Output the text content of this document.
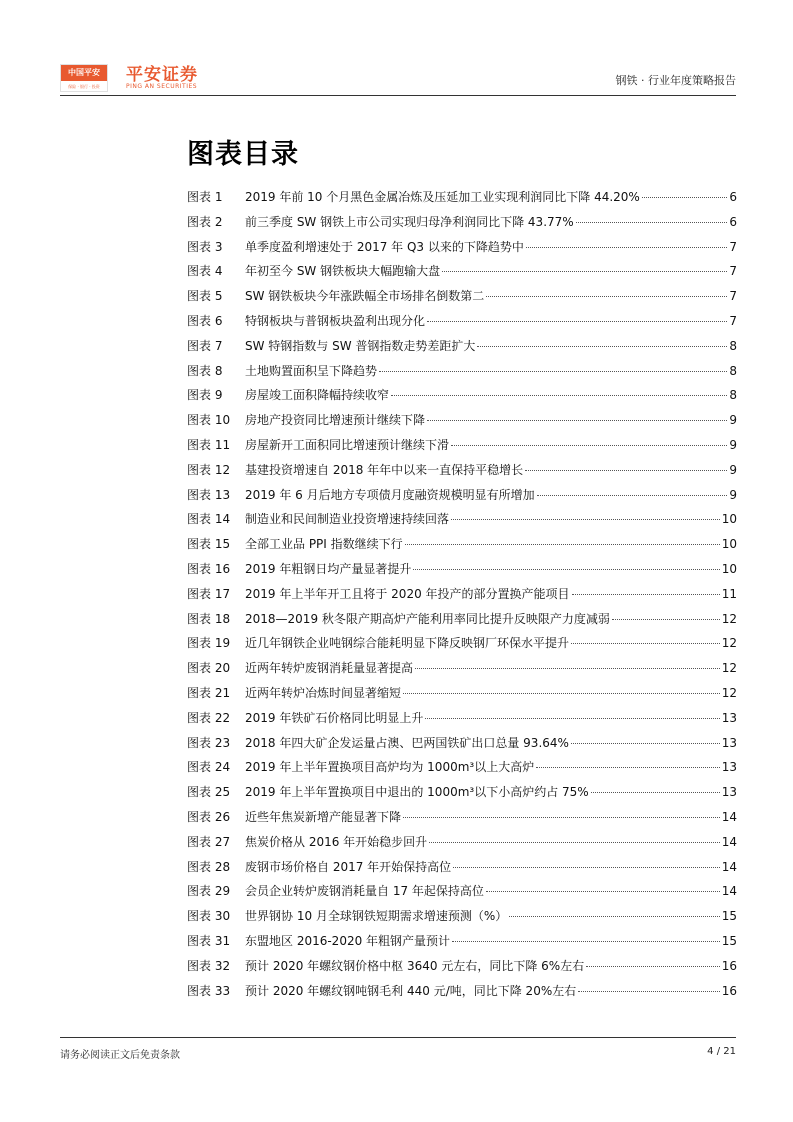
中国平安
保险 · 银行 · 投资
平安证券
PING AN SECURITIES	钢铁 · 行业年度策略报告
图表目录
图表 1	2019 年前 10 个月黑色金属冶炼及压延加工业实现利润同比下降 44.20%	6
图表 2	前三季度 SW 钢铁上市公司实现归母净利润同比下降 43.77%	6
图表 3	单季度盈利增速处于 2017 年 Q3 以来的下降趋势中	7
图表 4	年初至今 SW 钢铁板块大幅跑输大盘	7
图表 5	SW 钢铁板块今年涨跌幅全市场排名倒数第二	7
图表 6	特钢板块与普钢板块盈利出现分化	7
图表 7	SW 特钢指数与 SW 普钢指数走势差距扩大	8
图表 8	土地购置面积呈下降趋势	8
图表 9	房屋竣工面积降幅持续收窄	8
图表 10	房地产投资同比增速预计继续下降	9
图表 11	房屋新开工面积同比增速预计继续下滑	9
图表 12	基建投资增速自 2018 年年中以来一直保持平稳增长	9
图表 13	2019 年 6 月后地方专项债月度融资规模明显有所增加	9
图表 14	制造业和民间制造业投资增速持续回落	10
图表 15	全部工业品 PPI 指数继续下行	10
图表 16	2019 年粗钢日均产量显著提升	10
图表 17	2019 年上半年开工且将于 2020 年投产的部分置换产能项目	11
图表 18	2018—2019 秋冬限产期高炉产能利用率同比提升反映限产力度减弱	12
图表 19	近几年钢铁企业吨钢综合能耗明显下降反映钢厂环保水平提升	12
图表 20	近两年转炉废钢消耗量显著提高	12
图表 21	近两年转炉冶炼时间显著缩短	12
图表 22	2019 年铁矿石价格同比明显上升	13
图表 23	2018 年四大矿企发运量占澳、巴两国铁矿出口总量 93.64%	13
图表 24	2019 年上半年置换项目高炉均为 1000m³以上大高炉	13
图表 25	2019 年上半年置换项目中退出的 1000m³以下小高炉约占 75%	13
图表 26	近些年焦炭新增产能显著下降	14
图表 27	焦炭价格从 2016 年开始稳步回升	14
图表 28	废钢市场价格自 2017 年开始保持高位	14
图表 29	会员企业转炉废钢消耗量自 17 年起保持高位	14
图表 30	世界钢协 10 月全球钢铁短期需求增速预测（%）	15
图表 31	东盟地区 2016-2020 年粗钢产量预计	15
图表 32	预计 2020 年螺纹钢价格中枢 3640 元左右，同比下降 6%左右	16
图表 33	预计 2020 年螺纹钢吨钢毛利 440 元/吨，同比下降 20%左右	16
请务必阅读正文后免责条款	4 / 21
